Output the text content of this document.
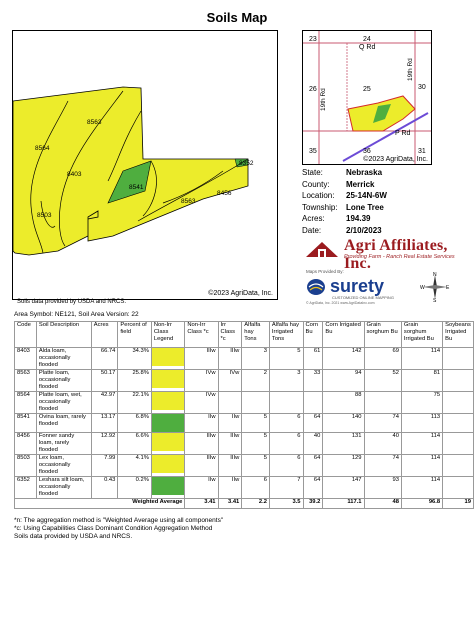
Soils Map
8563
8564
8403
8541
8563
8456
8352
8503
©2023 AgriData, Inc.
Soils data provided by USDA and NRCS.
23	24
Q Rd
26	25	30
P Rd
35	36	31
19th Rd
19th Rd
©2023 AgriData, Inc.
State:	Nebraska
County:	Merrick
Location:	25-14N-6W
Township:	Lone Tree
Acres:	194.39
Date:	2/10/2023
Agri Affiliates, Inc.
Providing Farm - Ranch Real Estate Services
Maps Provided By:
surety
CUSTOMIZED ONLINE MAPPING
© AgriData, Inc. 2021 www.AgriDataInc.com
N
S
W	E
Area Symbol: NE121, Soil Area Version: 22
Code	Soil Description	Acres	Percent of field	Non-Irr Class Legend	Non-Irr Class *c	Irr Class *c	Alfalfa hay Tons	Alfalfa hay Irrigated Tons	Corn Bu	Corn Irrigated Bu	Grain sorghum Bu	Grain sorghum Irrigated Bu	Soybeans Irrigated Bu
8403	Alda loam, occasionally flooded	66.74	34.3%		IIIw	IIIw	3	5	61	142	69	114	
8563	Platte loam, occasionally flooded	50.17	25.8%		IVw	IVw	2	3	33	94	52	81	
8564	Platte loam, wet, occasionally flooded	42.97	22.1%		IVw					88		75	
8541	Ovina loam, rarely flooded	13.17	6.8%		IIw	IIw	5	6	64	140	74	113	
8456	Fonner sandy loam, rarely flooded	12.92	6.6%		IIIw	IIIw	5	6	40	131	40	114	
8503	Lex loam, occasionally flooded	7.99	4.1%		IIIw	IIIw	5	6	64	129	74	114	
6352	Leshara silt loam, occasionally flooded	0.43	0.2%		IIw	IIw	6	7	64	147	93	114	
Weighted Average					3.41	3.41	2.2	3.5	39.2	117.1	48	96.8	19
*n: The aggregation method is "Weighted Average using all components"
*c: Using Capabilities Class Dominant Condition Aggregation Method
Soils data provided by USDA and NRCS.
